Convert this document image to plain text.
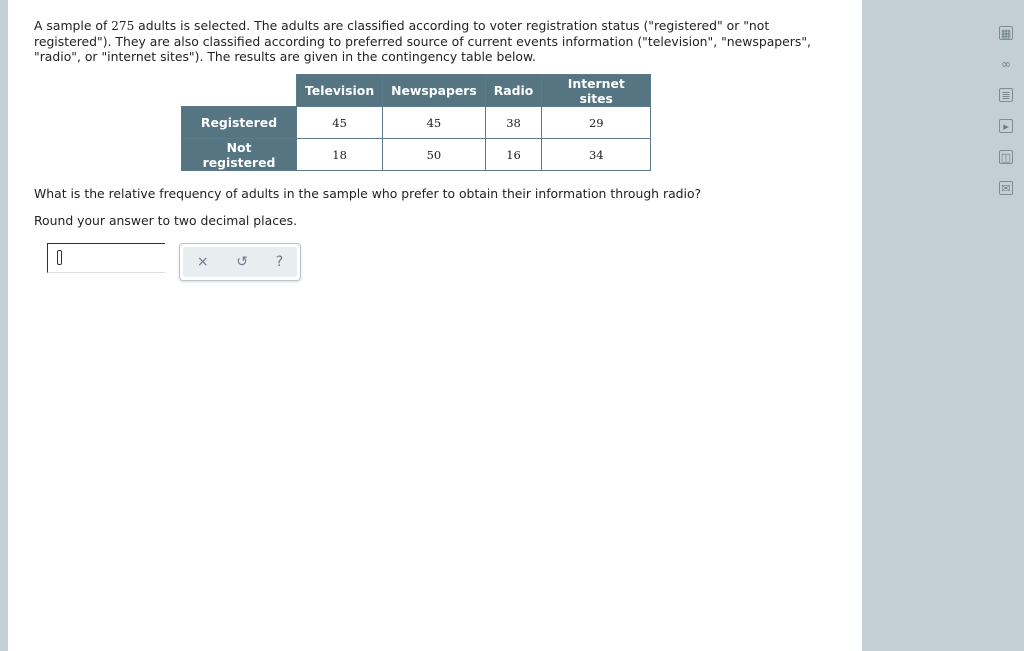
A sample of 275 adults is selected. The adults are classified according to voter registration status ("registered" or "not registered"). They are also classified according to preferred source of current events information ("television", "newspapers", "radio", or "internet sites"). The results are given in the contingency table below.
	Television	Newspapers	Radio	Internet sites
Registered	45	45	38	29
Not registered	18	50	16	34
What is the relative frequency of adults in the sample who prefer to obtain their information through radio?
Round your answer to two decimal places.
× ↺ ?
▦
∞
≣
▸
◫
✉
